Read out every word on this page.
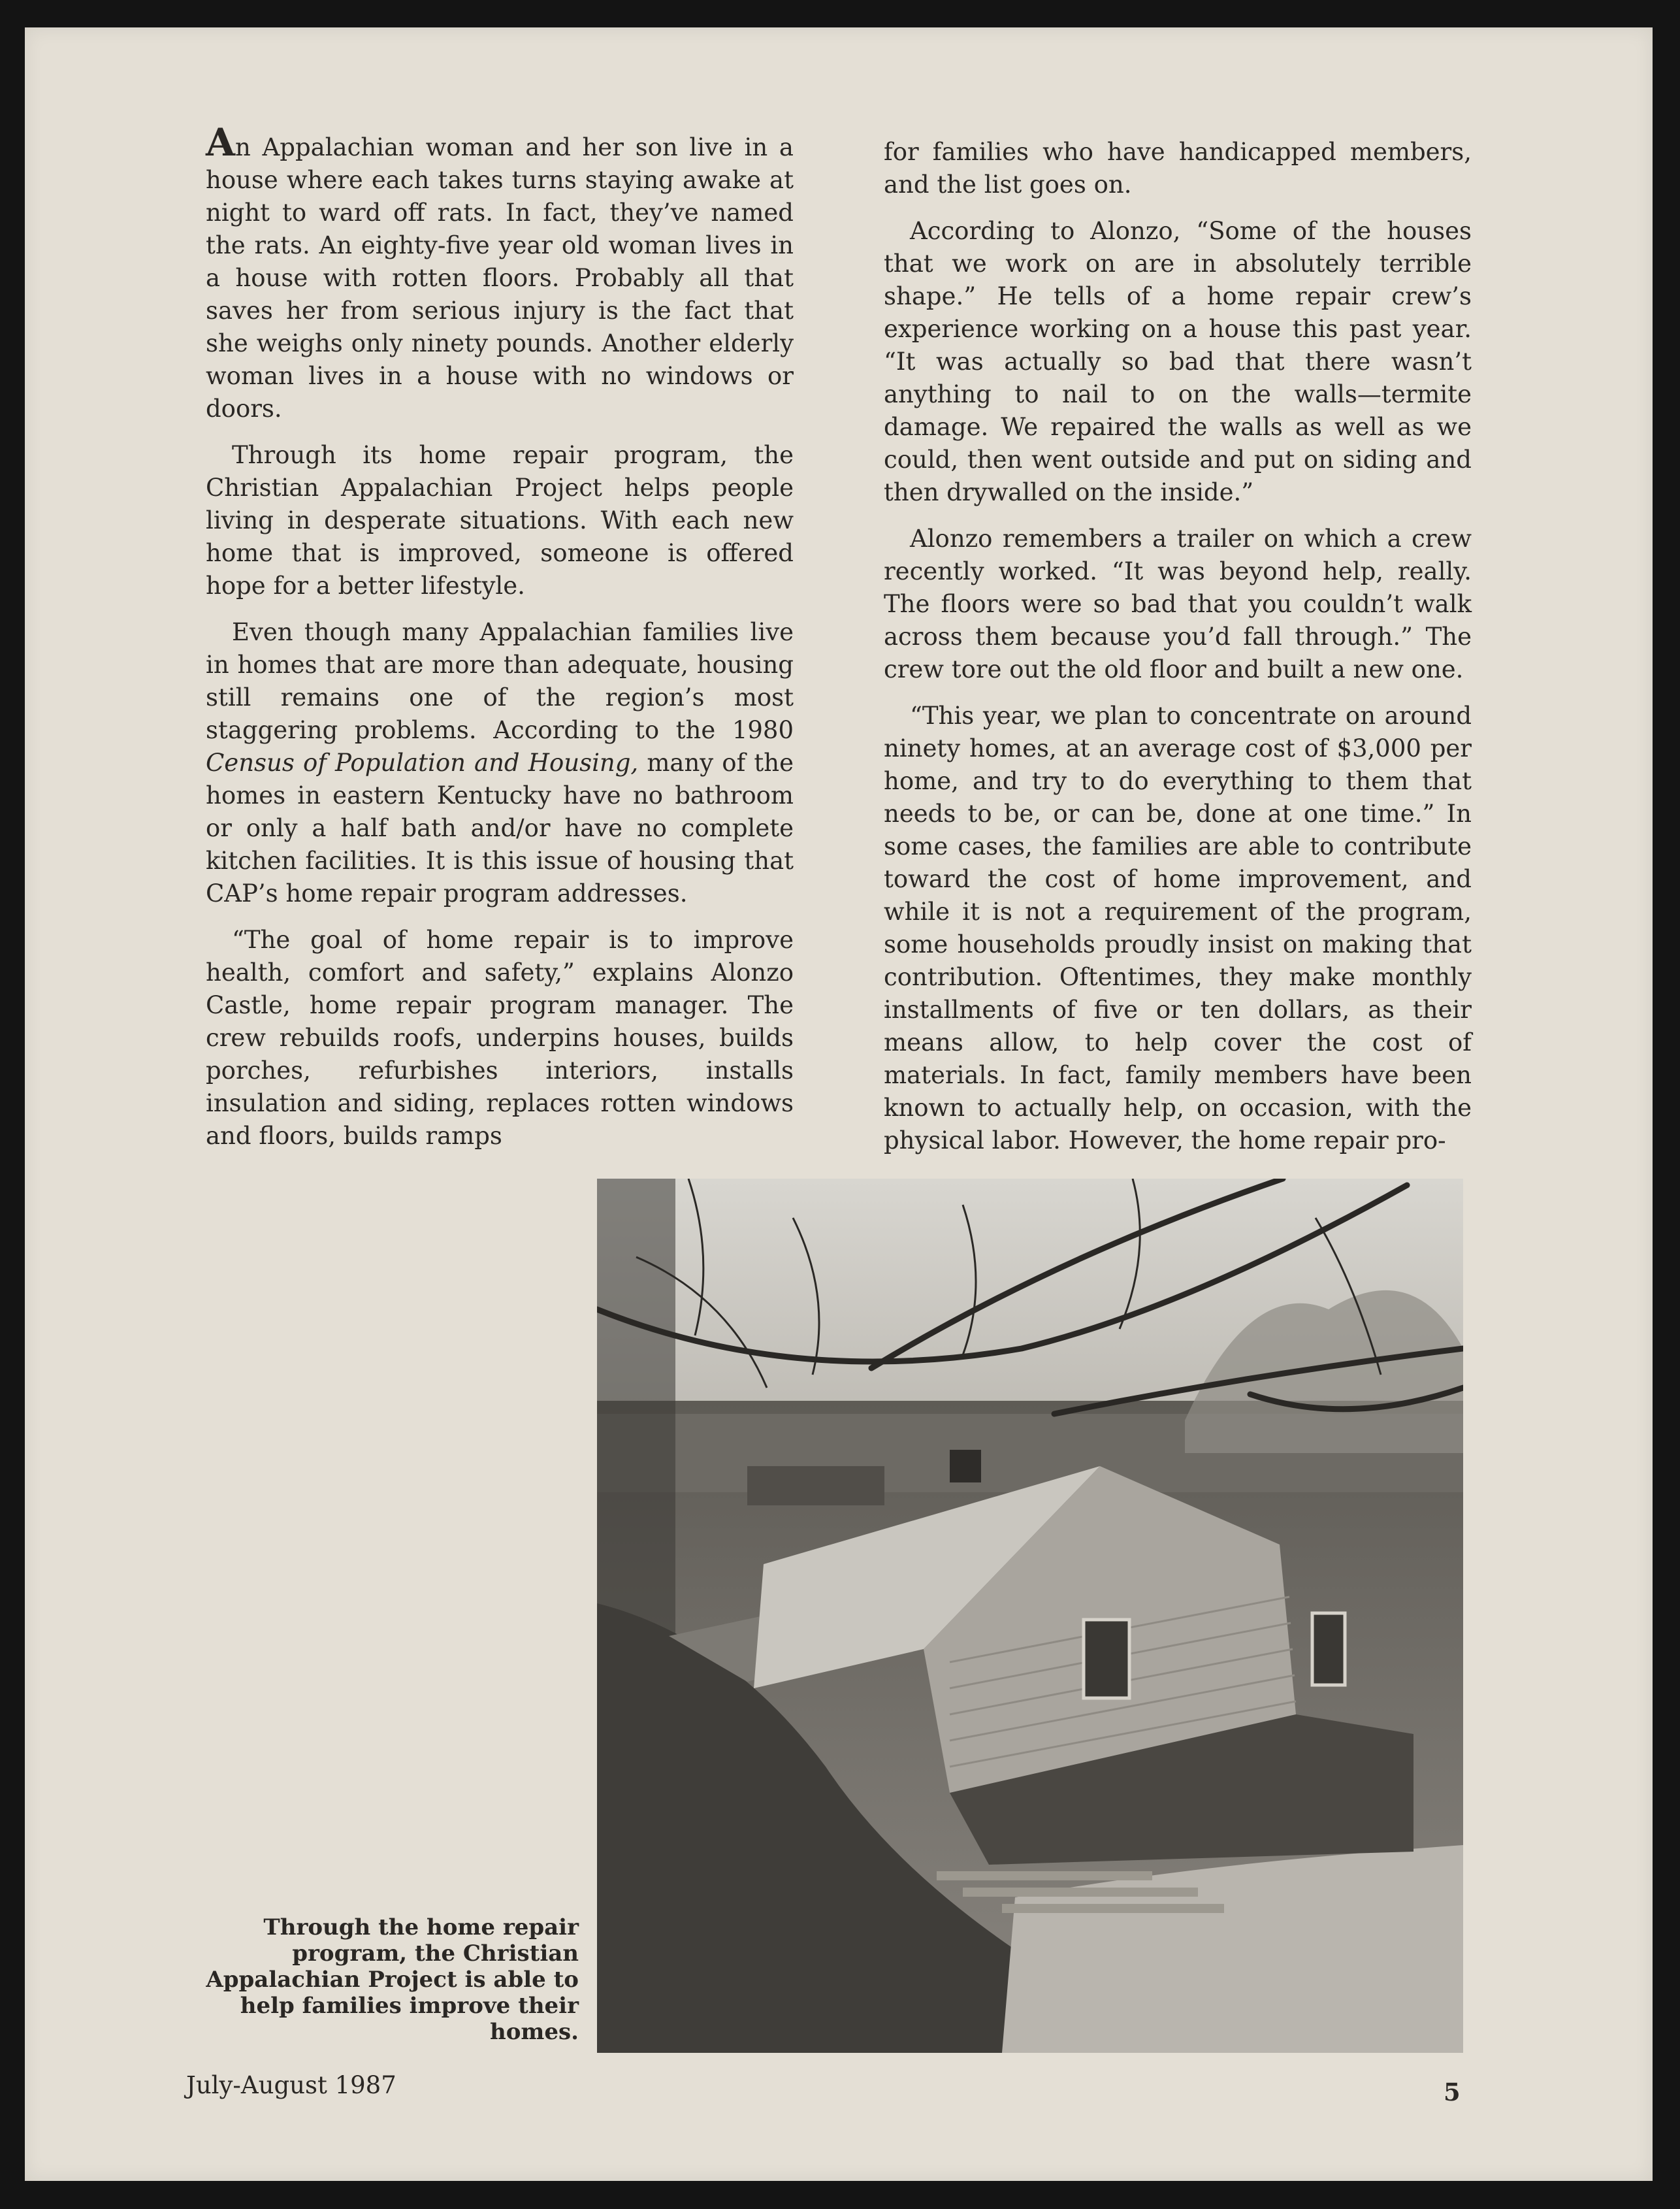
An Appalachian woman and her son live in a house where each takes turns staying awake at night to ward off rats. In fact, they’ve named the rats. An eighty-five year old woman lives in a house with rotten floors. Probably all that saves her from serious injury is the fact that she weighs only ninety pounds. Another elderly woman lives in a house with no windows or doors.

Through its home repair program, the Christian Appalachian Project helps people living in desperate situations. With each new home that is improved, someone is offered hope for a better lifestyle.

Even though many Appalachian families live in homes that are more than adequate, housing still remains one of the region’s most staggering problems. According to the 1980 Census of Population and Housing, many of the homes in eastern Kentucky have no bathroom or only a half bath and/or have no complete kitchen facilities. It is this issue of housing that CAP’s home repair program addresses.

“The goal of home repair is to improve health, comfort and safety,” explains Alonzo Castle, home repair program manager. The crew rebuilds roofs, underpins houses, builds porches, refurbishes interiors, installs insulation and siding, replaces rotten windows and floors, builds ramps

for families who have handicapped members, and the list goes on.

According to Alonzo, “Some of the houses that we work on are in absolutely terrible shape.” He tells of a home repair crew’s experience working on a house this past year. “It was actually so bad that there wasn’t anything to nail to on the walls—termite damage. We repaired the walls as well as we could, then went outside and put on siding and then drywalled on the inside.”

Alonzo remembers a trailer on which a crew recently worked. “It was beyond help, really. The floors were so bad that you couldn’t walk across them because you’d fall through.” The crew tore out the old floor and built a new one.

“This year, we plan to concentrate on around ninety homes, at an average cost of $3,000 per home, and try to do everything to them that needs to be, or can be, done at one time.” In some cases, the families are able to contribute toward the cost of home improvement, and while it is not a requirement of the program, some households proudly insist on making that contribution. Oftentimes, they make monthly installments of five or ten dollars, as their means allow, to help cover the cost of materials. In fact, family members have been known to actually help, on occasion, with the physical labor. However, the home repair pro-

Through the home repair program, the Christian Appalachian Project is able to help families improve their homes.
July-August 1987	5
